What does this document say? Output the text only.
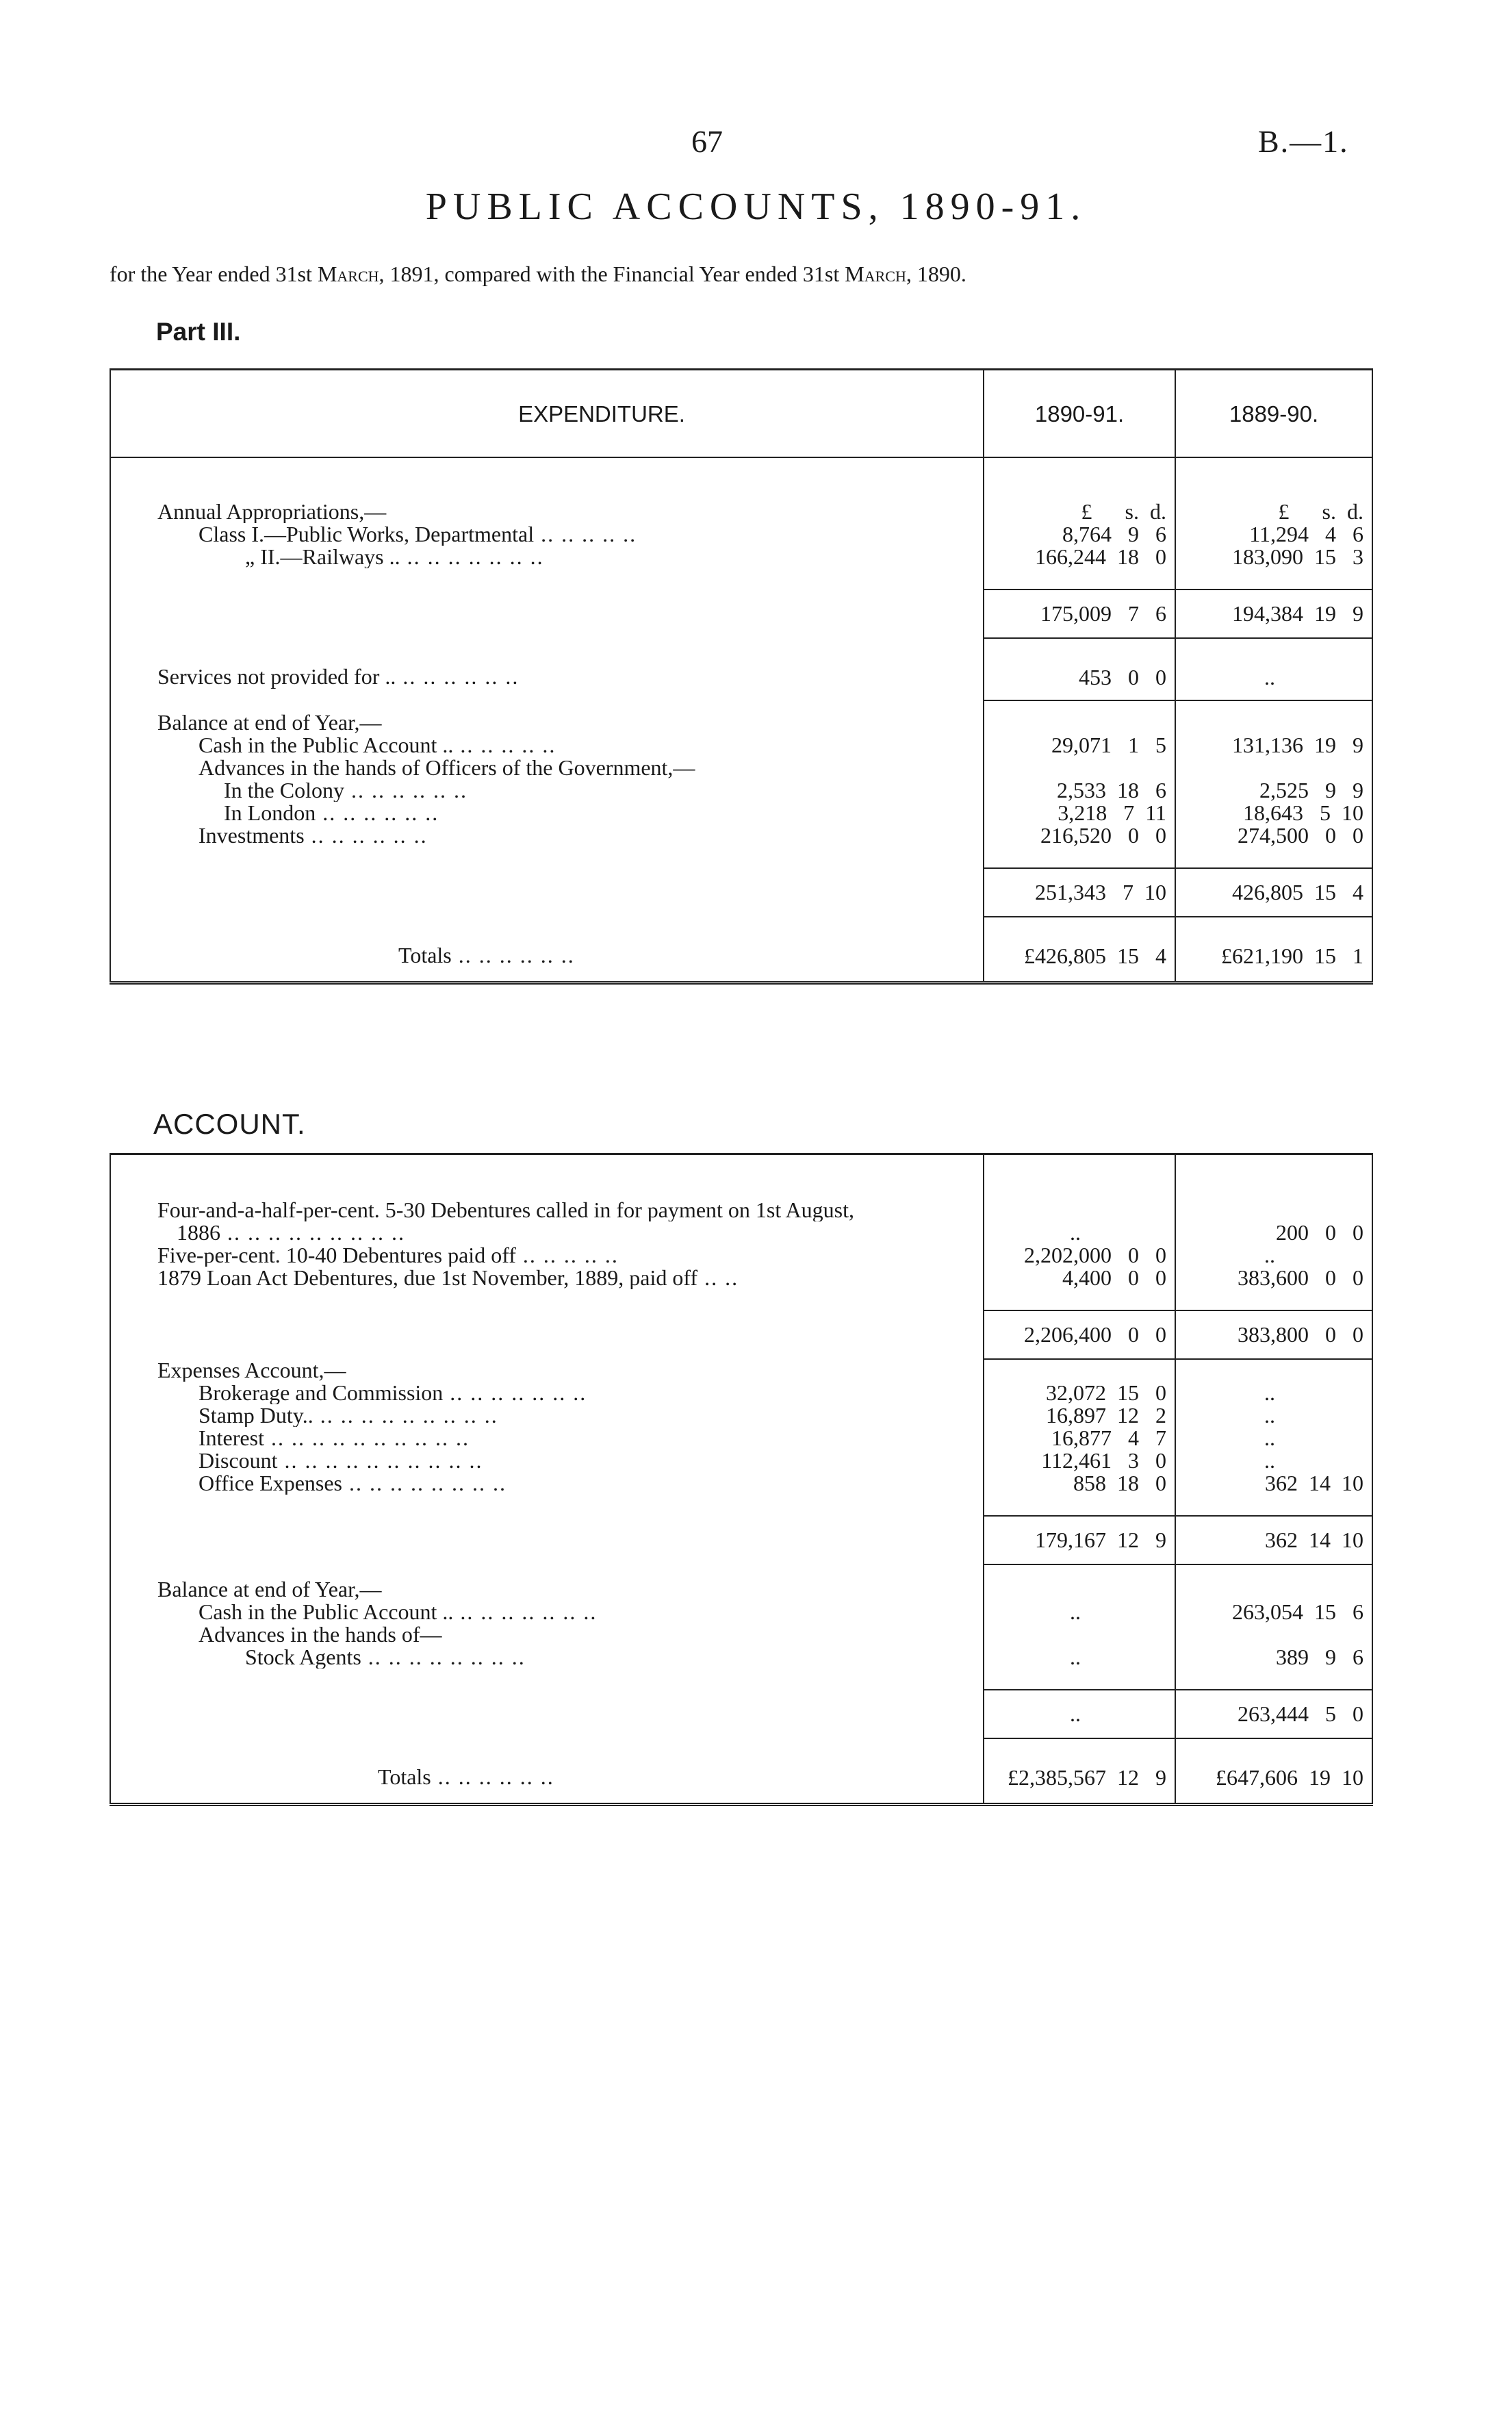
67	B.—1.
PUBLIC ACCOUNTS, 1890-91.
for the Year ended 31st March, 1891, compared with the Financial Year ended 31st March, 1890.
Part III.
EXPENDITURE.	1890-91.	1889-90.

Annual Appropriations,—	£      s.  d.	£      s.  d.
Class I.—Public Works, Departmental .. .. .. .. ..	8,764   9   6	11,294   4   6
„ II.—Railways .. .. .. .. .. .. .. ..	166,244  18   0	183,090  15   3

	175,009   7   6	194,384  19   9
Services not provided for .. .. .. .. .. .. ..	453   0   0	..
Balance at end of Year,—		
Cash in the Public Account .. .. .. .. .. ..	29,071   1   5	131,136  19   9
Advances in the hands of Officers of the Government,—		
In the Colony .. .. .. .. .. ..	2,533  18   6	2,525   9   9
In London .. .. .. .. .. ..	3,218   7  11	18,643   5  10
Investments .. .. .. .. .. ..	216,520   0   0	274,500   0   0

	251,343   7  10	426,805  15   4
Totals .. .. .. .. .. ..	£426,805  15   4	£621,190  15   1
ACCOUNT.
Four-and-a-half-per-cent. 5-30 Debentures called in for payment on 1st August,		
1886 .. .. .. .. .. .. .. .. ..	..	200   0   0
Five-per-cent. 10-40 Debentures paid off .. .. .. .. ..	2,202,000   0   0	..
1879 Loan Act Debentures, due 1st November, 1889, paid off .. ..	4,400   0   0	383,600   0   0

	2,206,400   0   0	383,800   0   0
Expenses Account,—		
Brokerage and Commission .. .. .. .. .. .. ..	32,072  15   0	..
Stamp Duty.. .. .. .. .. .. .. .. .. ..	16,897  12   2	..
Interest .. .. .. .. .. .. .. .. .. ..	16,877   4   7	..
Discount .. .. .. .. .. .. .. .. .. ..	112,461   3   0	..
Office Expenses .. .. .. .. .. .. .. ..	858  18   0	362  14  10

	179,167  12   9	362  14  10
Balance at end of Year,—		
Cash in the Public Account .. .. .. .. .. .. .. ..	..	263,054  15   6
Advances in the hands of—		
Stock Agents .. .. .. .. .. .. .. ..	..	389   9   6

	..	263,444   5   0
Totals .. .. .. .. .. ..	£2,385,567  12   9	£647,606  19  10
